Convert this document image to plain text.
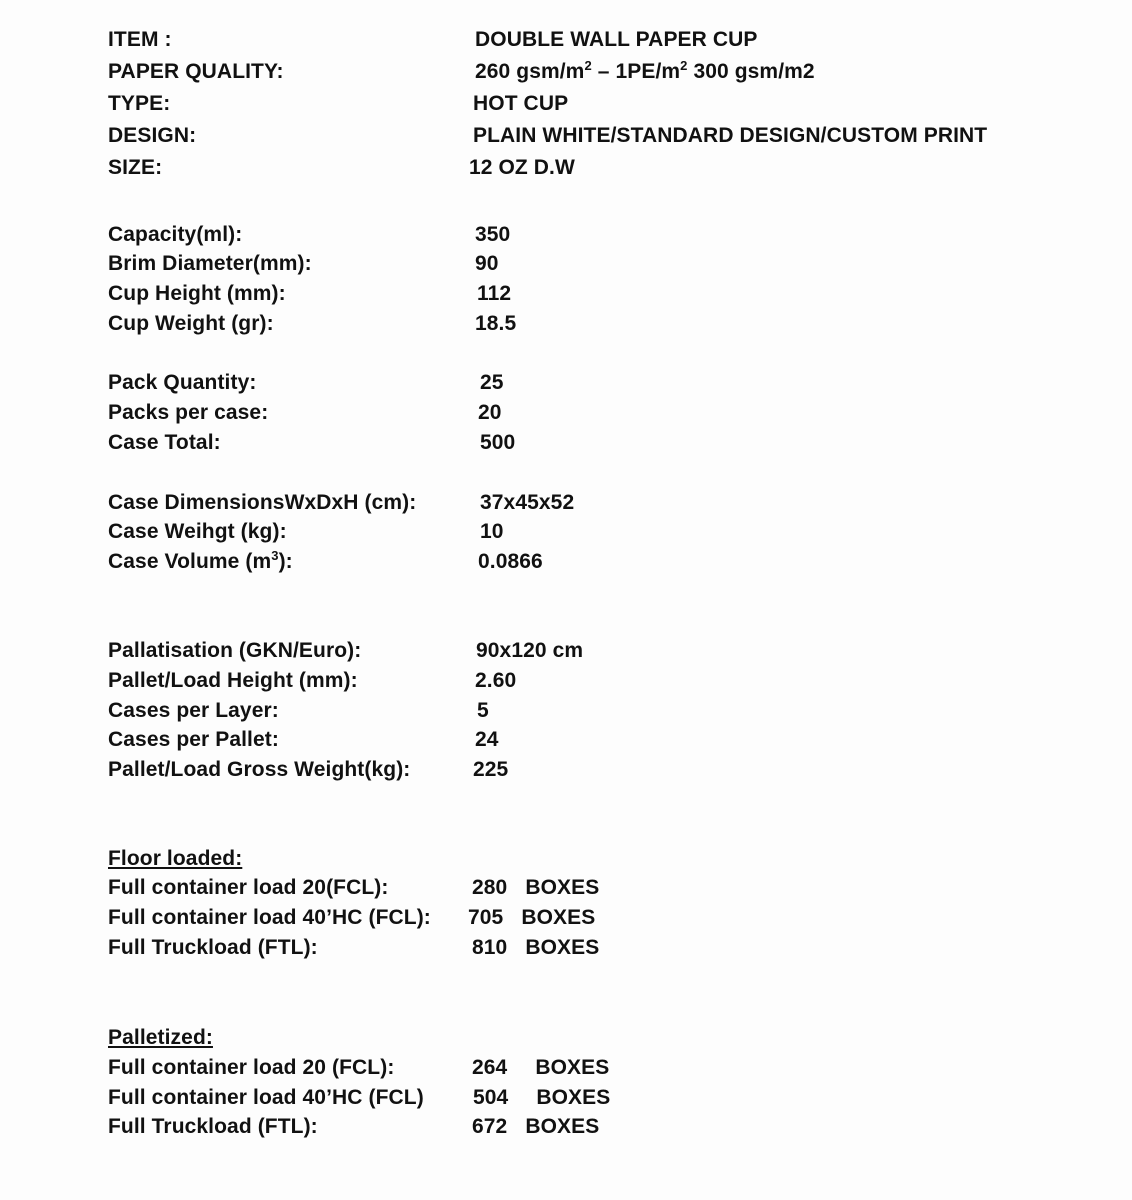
ITEM :	DOUBLE WALL PAPER CUP
PAPER QUALITY:	260 gsm/$m^2 - 1PE/m^2$ 300 gsm/m2
TYPE:	HOT CUP
DESIGN:	PLAIN WHITE/STANDARD DESIGN/CUSTOM PRINT
SIZE:	12 OZ D.W
Capacity(ml):	350
Brim Diameter(mm):	90
Cup Height (mm):	112
Cup Weight (gr):	18.5
Pack Quantity:	25
Packs per case:	20
Case Total:	500
Case DimensionsWxDxH (cm):	37x45x52
Case Weihgt (kg):	10
Case Volume $(m^3)$:	0.0866
Pallatisation (GKN/Euro):	90x120 cm
Pallet/Load Height (mm):	2.60
Cases per Layer:	5
Cases per Pallet:	24
Pallet/Load Gross Weight(kg):	225
Floor loaded:
Full container load 20(FCL):	280 BOXES
Full container load 40’HC (FCL):	705 BOXES
Full Truckload (FTL):	810 BOXES
Palletized:
Full container load 20 (FCL):	264 BOXES
Full container load 40’HC (FCL)	504 BOXES
Full Truckload (FTL):	672 BOXES
